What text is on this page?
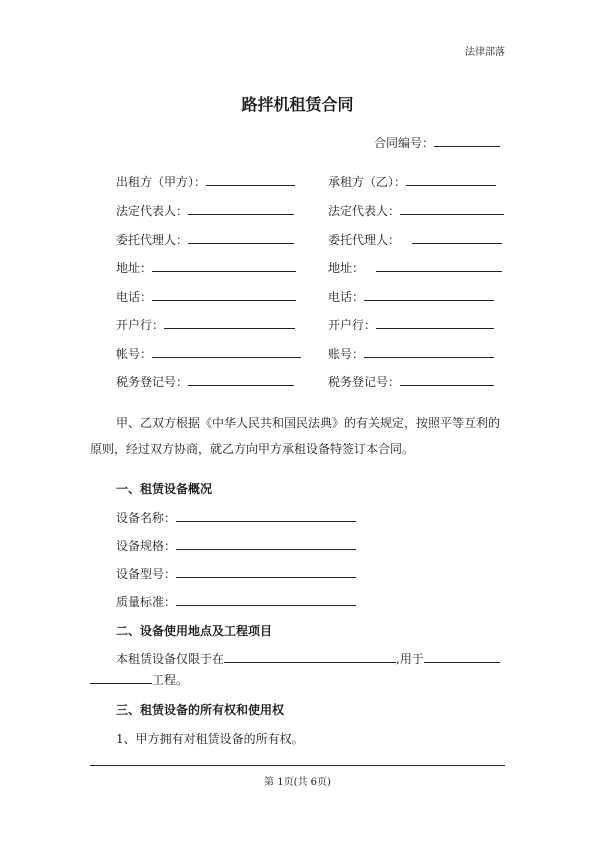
法律部落
路拌机租赁合同
合同编号：
出租方（甲方）：
法定代表人：
委托代理人：
地址：
电话：
开户行：
帐号：
税务登记号：
承租方（乙）：
法定代表人：
委托代理人：
地址：
电话：
开户行：
账号：
税务登记号：
甲、乙双方根据《中华人民共和国民法典》的有关规定，按照平等互利的原则，经过双方协商，就乙方向甲方承租设备特签订本合同。
一、租赁设备概况
设备名称：
设备规格：
设备型号：
质量标准：
二、设备使用地点及工程项目
本租赁设备仅限于在	,用于
工程。
三、租赁设备的所有权和使用权
1、甲方拥有对租赁设备的所有权。
第 1页(共 6页)
